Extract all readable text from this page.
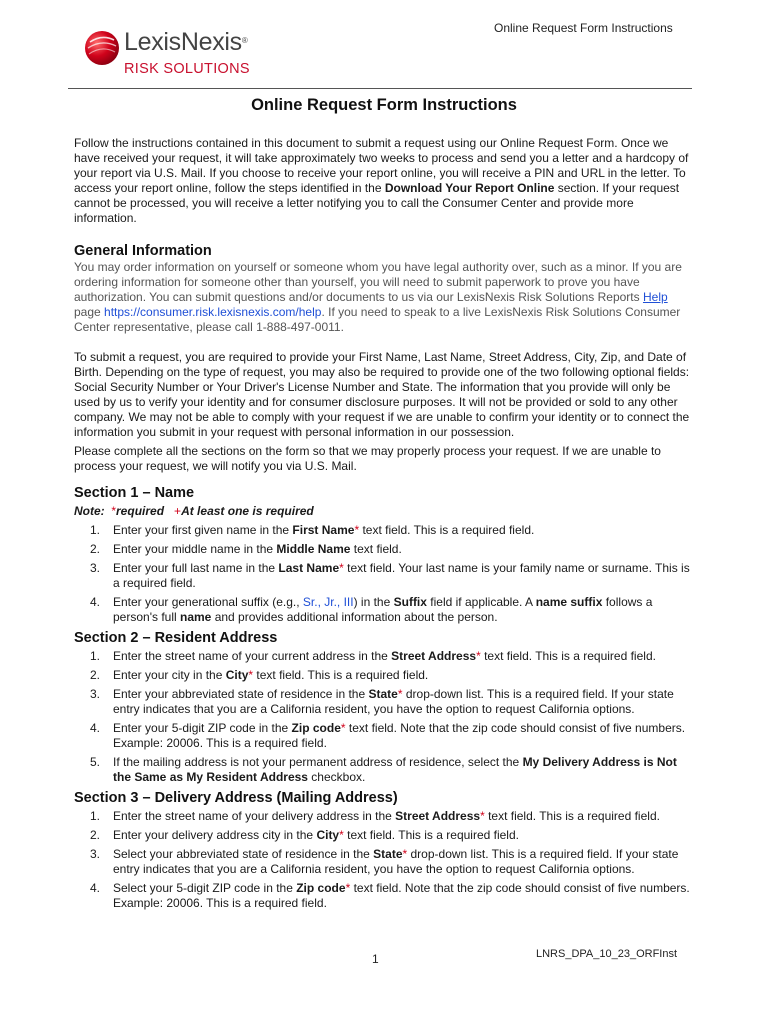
Online Request Form Instructions
LexisNexis®
RISK SOLUTIONS
Online Request Form Instructions

Follow the instructions contained in this document to submit a request using our Online Request Form. Once we have received your request, it will take approximately two weeks to process and send you a letter and a hardcopy of your report via U.S. Mail. If you choose to receive your report online, you will receive a PIN and URL in the letter. To access your report online, follow the steps identified in the Download Your Report Online section. If your request cannot be processed, you will receive a letter notifying you to call the Consumer Center and provide more information.

General Information

You may order information on yourself or someone whom you have legal authority over, such as a minor. If you are ordering information for someone other than yourself, you will need to submit paperwork to prove you have authorization. You can submit questions and/or documents to us via our LexisNexis Risk Solutions Reports Help page https://consumer.risk.lexisnexis.com/help. If you need to speak to a live LexisNexis Risk Solutions Consumer Center representative, please call 1-888-497-0011.

To submit a request, you are required to provide your First Name, Last Name, Street Address, City, Zip, and Date of Birth. Depending on the type of request, you may also be required to provide one of the two following optional fields: Social Security Number or Your Driver's License Number and State. The information that you provide will only be used by us to verify your identity and for consumer disclosure purposes. It will not be provided or sold to any other company. We may not be able to comply with your request if we are unable to confirm your identity or to connect the information you submit in your request with personal information in our possession.

Please complete all the sections on the form so that we may properly process your request. If we are unable to process your request, we will notify you via U.S. Mail.

Section 1 – Name
Note: *required +At least one is required
1.	Enter your first given name in the First Name* text field. This is a required field.
2.	Enter your middle name in the Middle Name text field.
3.	Enter your full last name in the Last Name* text field. Your last name is your family name or surname. This is a required field.
4.	Enter your generational suffix (e.g., Sr., Jr., III) in the Suffix field if applicable. A name suffix follows a person's full name and provides additional information about the person.
Section 2 – Resident Address
1.	Enter the street name of your current address in the Street Address* text field. This is a required field.
2.	Enter your city in the City* text field. This is a required field.
3.	Enter your abbreviated state of residence in the State* drop-down list. This is a required field. If your state entry indicates that you are a California resident, you have the option to request California options.
4.	Enter your 5-digit ZIP code in the Zip code* text field. Note that the zip code should consist of five numbers. Example: 20006. This is a required field.
5.	If the mailing address is not your permanent address of residence, select the My Delivery Address is Not the Same as My Resident Address checkbox.
Section 3 – Delivery Address (Mailing Address)
1.	Enter the street name of your delivery address in the Street Address* text field. This is a required field.
2.	Enter your delivery address city in the City* text field. This is a required field.
3.	Select your abbreviated state of residence in the State* drop-down list. This is a required field. If your state entry indicates that you are a California resident, you have the option to request California options.
4.	Select your 5-digit ZIP code in the Zip code* text field. Note that the zip code should consist of five numbers. Example: 20006. This is a required field.
1	LNRS_DPA_10_23_ORFInst
